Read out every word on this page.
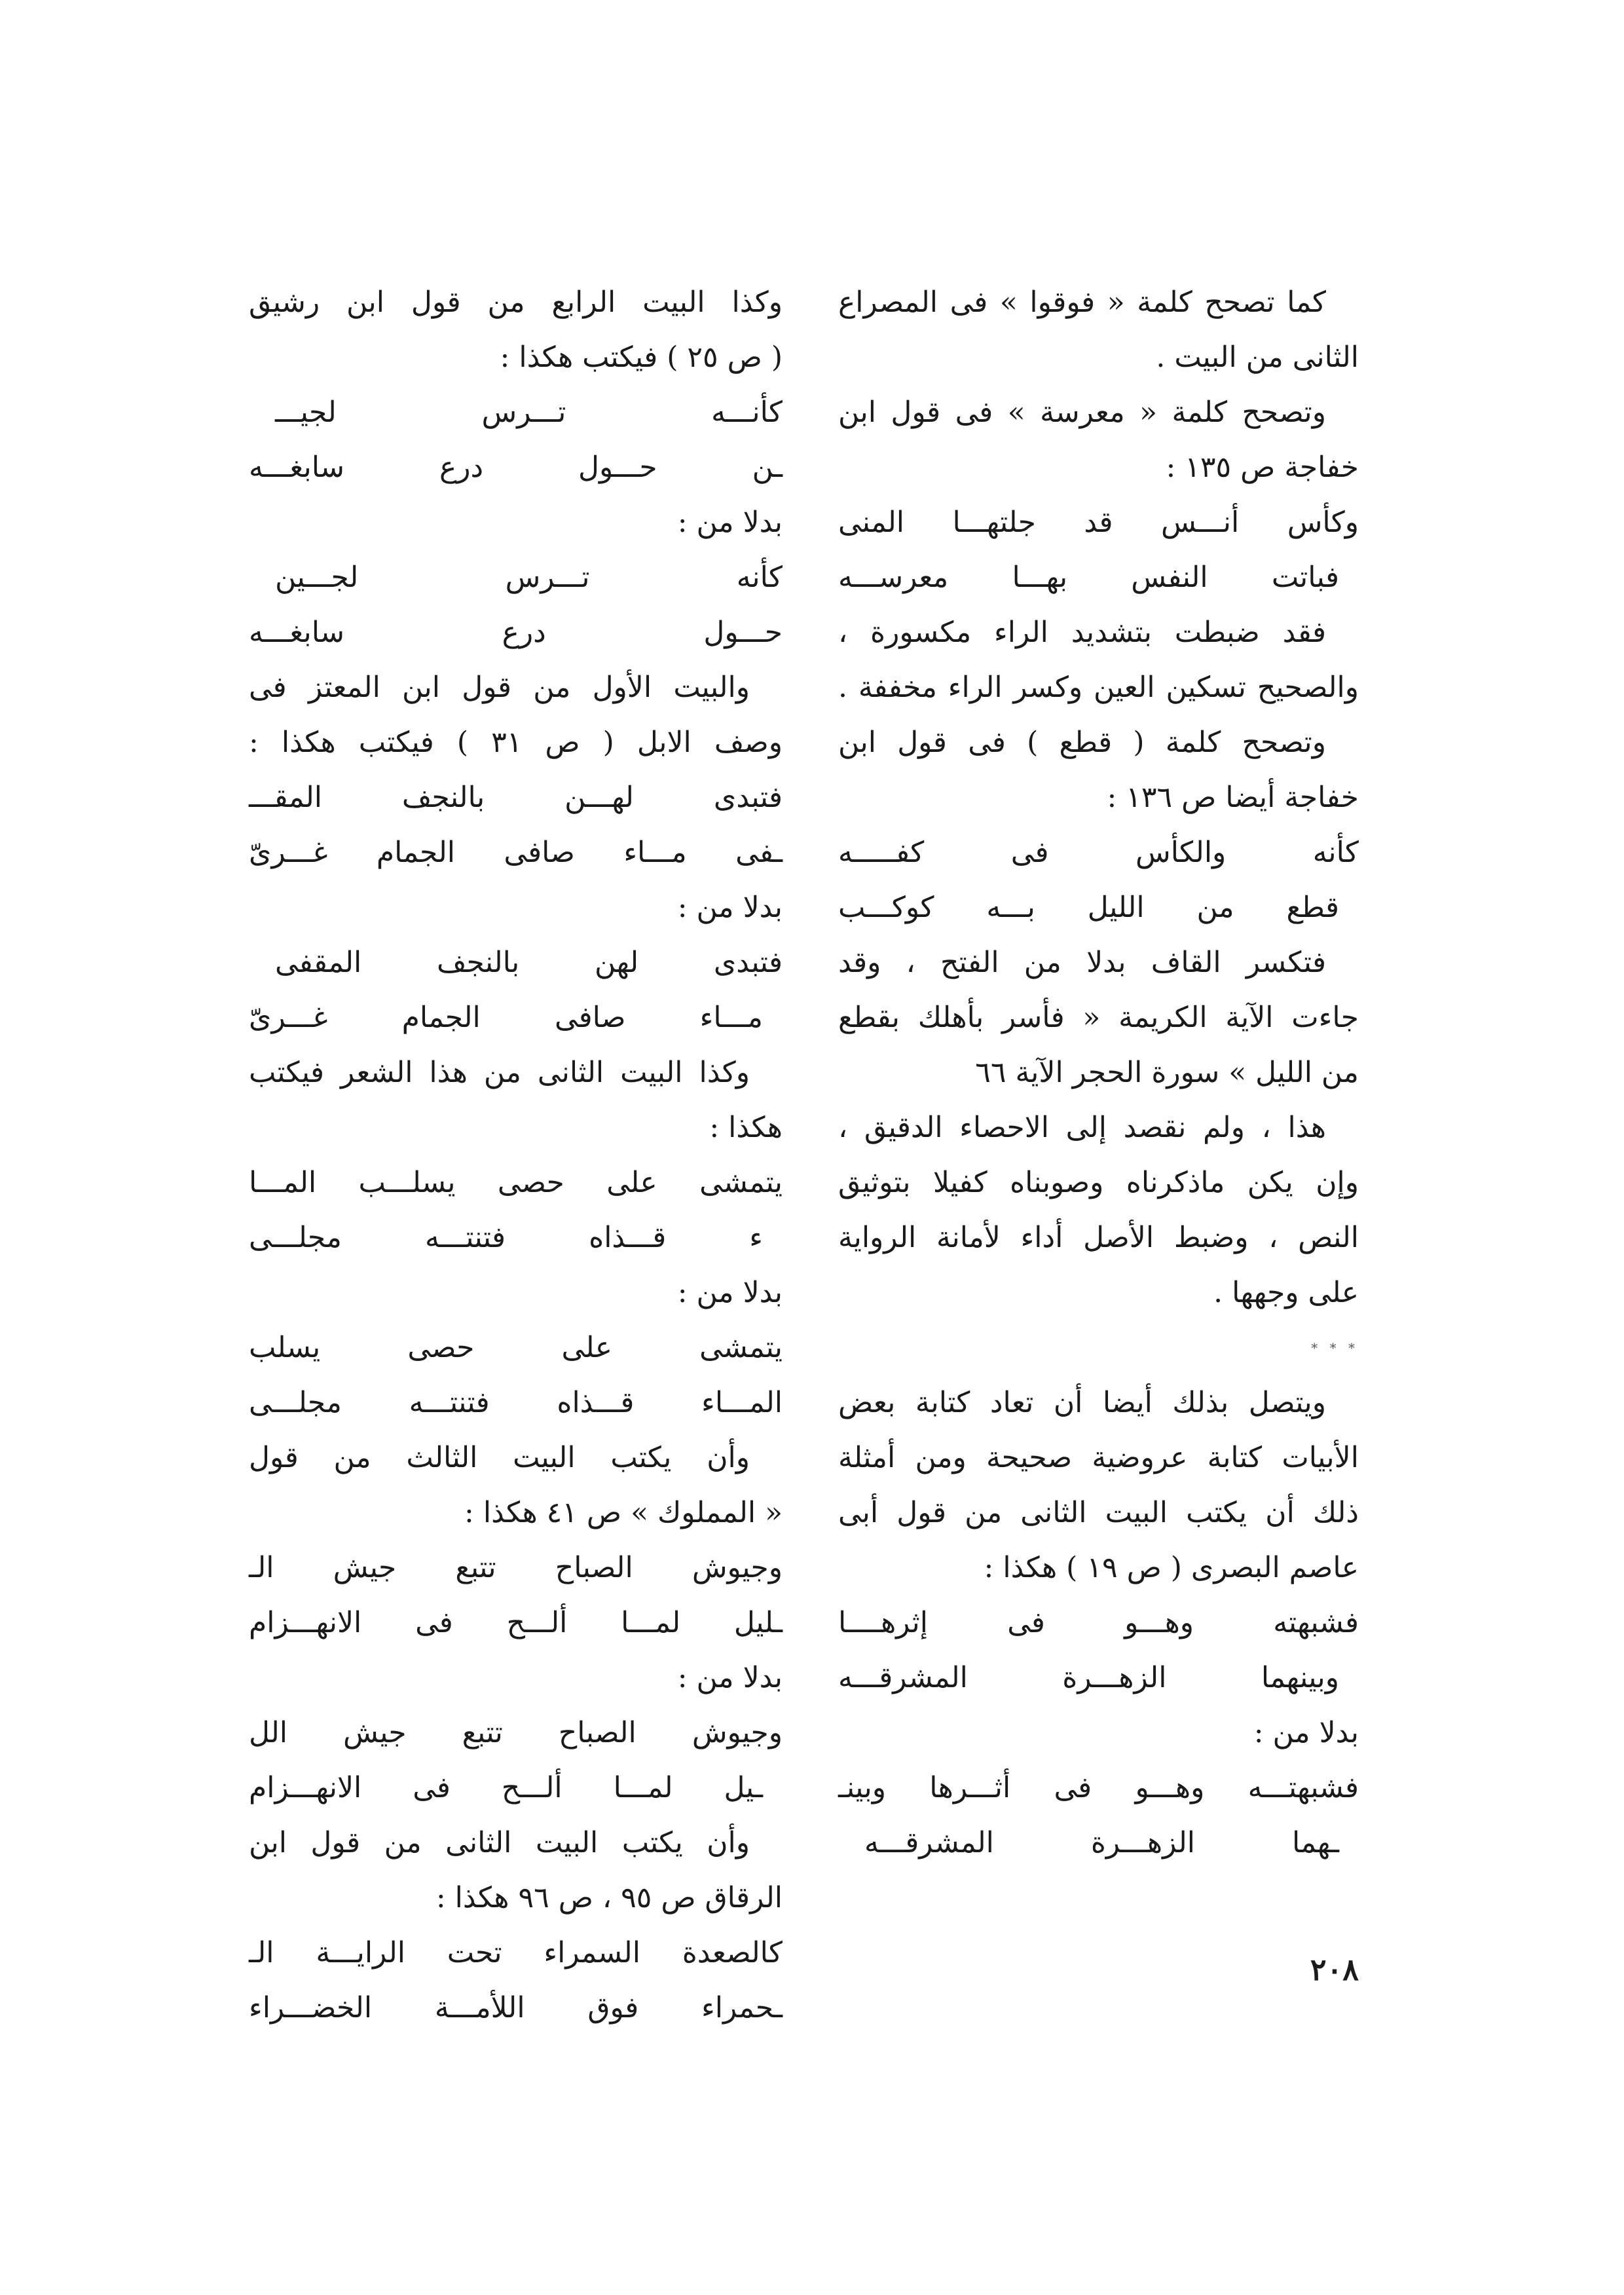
كما تصحح كلمة « فوقوا » فى المصراع
الثانى من البيت .
وتصحح كلمة « معرسة » فى قول ابن
خفاجة ص ١٣٥ :
وكأس أنـــس قد جلتهـــا المنى
فباتت النفس بهـــا معرســـه
فقد ضبطت بتشديد الراء مكسورة ،
والصحيح تسكين العين وكسر الراء مخففة .
وتصحح كلمة ( قطع ) فى قول ابن
خفاجة أيضا ص ١٣٦ :
كأنه والكأس فى كفـــــه
قطع من الليل بـــه كوكـــب
فتكسر القاف بدلا من الفتح ، وقد
جاءت الآية الكريمة « فأسر بأهلك بقطع
من الليل » سورة الحجر الآية ٦٦
هذا ، ولم نقصد إلى الاحصاء الدقيق ،
وإن يكن ماذكرناه وصوبناه كفيلا بتوثيق
النص ، وضبط الأصل أداء لأمانة الرواية
على وجهها .
* * *
ويتصل بذلك أيضا أن تعاد كتابة بعض
الأبيات كتابة عروضية صحيحة ومن أمثلة
ذلك أن يكتب البيت الثانى من قول أبى
عاصم البصرى ( ص ١٩ ) هكذا :
فشبهته وهـــو فى إثرهــــا
وبينهما الزهـــرة المشرقـــه
بدلا من :
فشبهتـــه وهـــو فى أثـــرها وبينـ
ـهما الزهـــرة المشرقـــه
وكذا البيت الرابع من قول ابن رشيق
( ص ٢٥ ) فيكتب هكذا :
كأنـــه تـــرس لجيـــ
ـن حـــول درع سابغـــه
بدلا من :
كأنه تـــرس لجـــين
حـــول درع سابغـــه
والبيت الأول من قول ابن المعتز فى
وصف الابل ( ص ٣١ ) فيكتب هكذا :
فتبدى لهـــن بالنجف المقـــ
ـفى مـــاء صافى الجمام غـــرىّ
بدلا من :
فتبدى لهن بالنجف المقفى
مـــاء صافى الجمام غـــرىّ
وكذا البيت الثانى من هذا الشعر فيكتب
هكذا :
يتمشى على حصى يسلـــب المـــا
ء قـــذاه فتنتـــه مجلـــى
بدلا من :
يتمشى على حصى يسلب
المـــاء قـــذاه فتنتـــه مجلـــى
وأن يكتب البيت الثالث من قول
« المملوك » ص ٤١ هكذا :
وجيوش الصباح تتبع جيش الـ
ـليل لمـــا ألـــح فى الانهـــزام
بدلا من :
وجيوش الصباح تتبع جيش الل
ـيل لمـــا ألـــح فى الانهـــزام
وأن يكتب البيت الثانى من قول ابن
الرقاق ص ٩٥ ، ص ٩٦ هكذا :
كالصعدة السمراء تحت الرايـــة الـ
ـحمراء فوق اللأمـــة الخضـــراء
٢٠٨
